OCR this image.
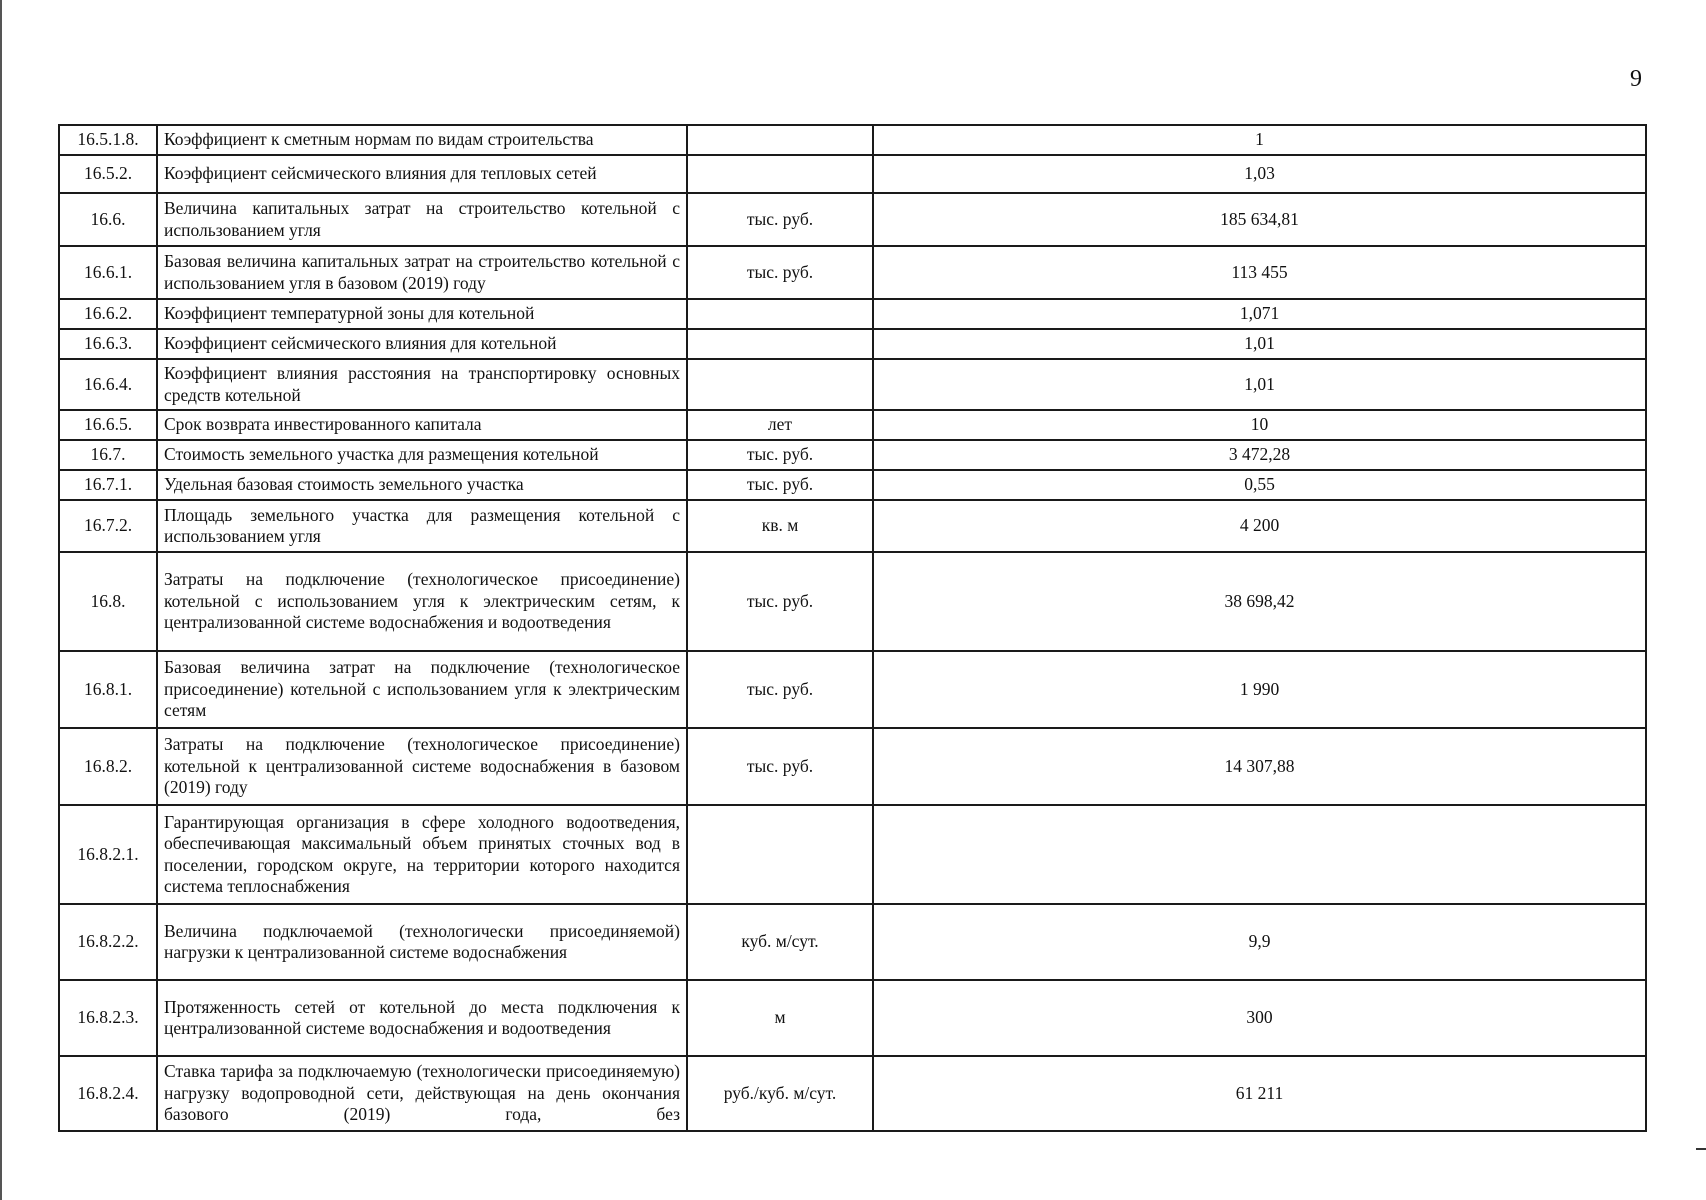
9
16.5.1.8.	Коэффициент к сметным нормам по видам строительства		1
16.5.2.	Коэффициент сейсмического влияния для тепловых сетей		1,03
16.6.	Величина капитальных затрат на строительство котельной с использованием угля	тыс. руб.	185 634,81
16.6.1.	Базовая величина капитальных затрат на строительство котельной с использованием угля в базовом (2019) году	тыс. руб.	113 455
16.6.2.	Коэффициент температурной зоны для котельной		1,071
16.6.3.	Коэффициент сейсмического влияния для котельной		1,01
16.6.4.	Коэффициент влияния расстояния на транспортировку основных средств котельной		1,01
16.6.5.	Срок возврата инвестированного капитала	лет	10
16.7.	Стоимость земельного участка для размещения котельной	тыс. руб.	3 472,28
16.7.1.	Удельная базовая стоимость земельного участка	тыс. руб.	0,55
16.7.2.	Площадь земельного участка для размещения котельной с использованием угля	кв. м	4 200
16.8.	Затраты на подключение (технологическое присоединение) котельной с использованием угля к электрическим сетям, к централизованной системе водоснабжения и водоотведения	тыс. руб.	38 698,42
16.8.1.	Базовая величина затрат на подключение (технологическое присоединение) котельной с использованием угля к электрическим сетям	тыс. руб.	1 990
16.8.2.	Затраты на подключение (технологическое присоединение) котельной к централизованной системе водоснабжения в базовом (2019) году	тыс. руб.	14 307,88
16.8.2.1.	Гарантирующая организация в сфере холодного водоотведения, обеспечивающая максимальный объем принятых сточных вод в поселении, городском округе, на территории которого находится система теплоснабжения		
16.8.2.2.	Величина подключаемой (технологически присоединяемой) нагрузки к централизованной системе водоснабжения	куб. м/сут.	9,9
16.8.2.3.	Протяженность сетей от котельной до места подключения к централизованной системе водоснабжения и водоотведения	м	300
16.8.2.4.	Ставка тарифа за подключаемую (технологически присоединяемую) нагрузку водопроводной сети, действующая на день окончания базового (2019) года, без	руб./куб. м/сут.	61 211
